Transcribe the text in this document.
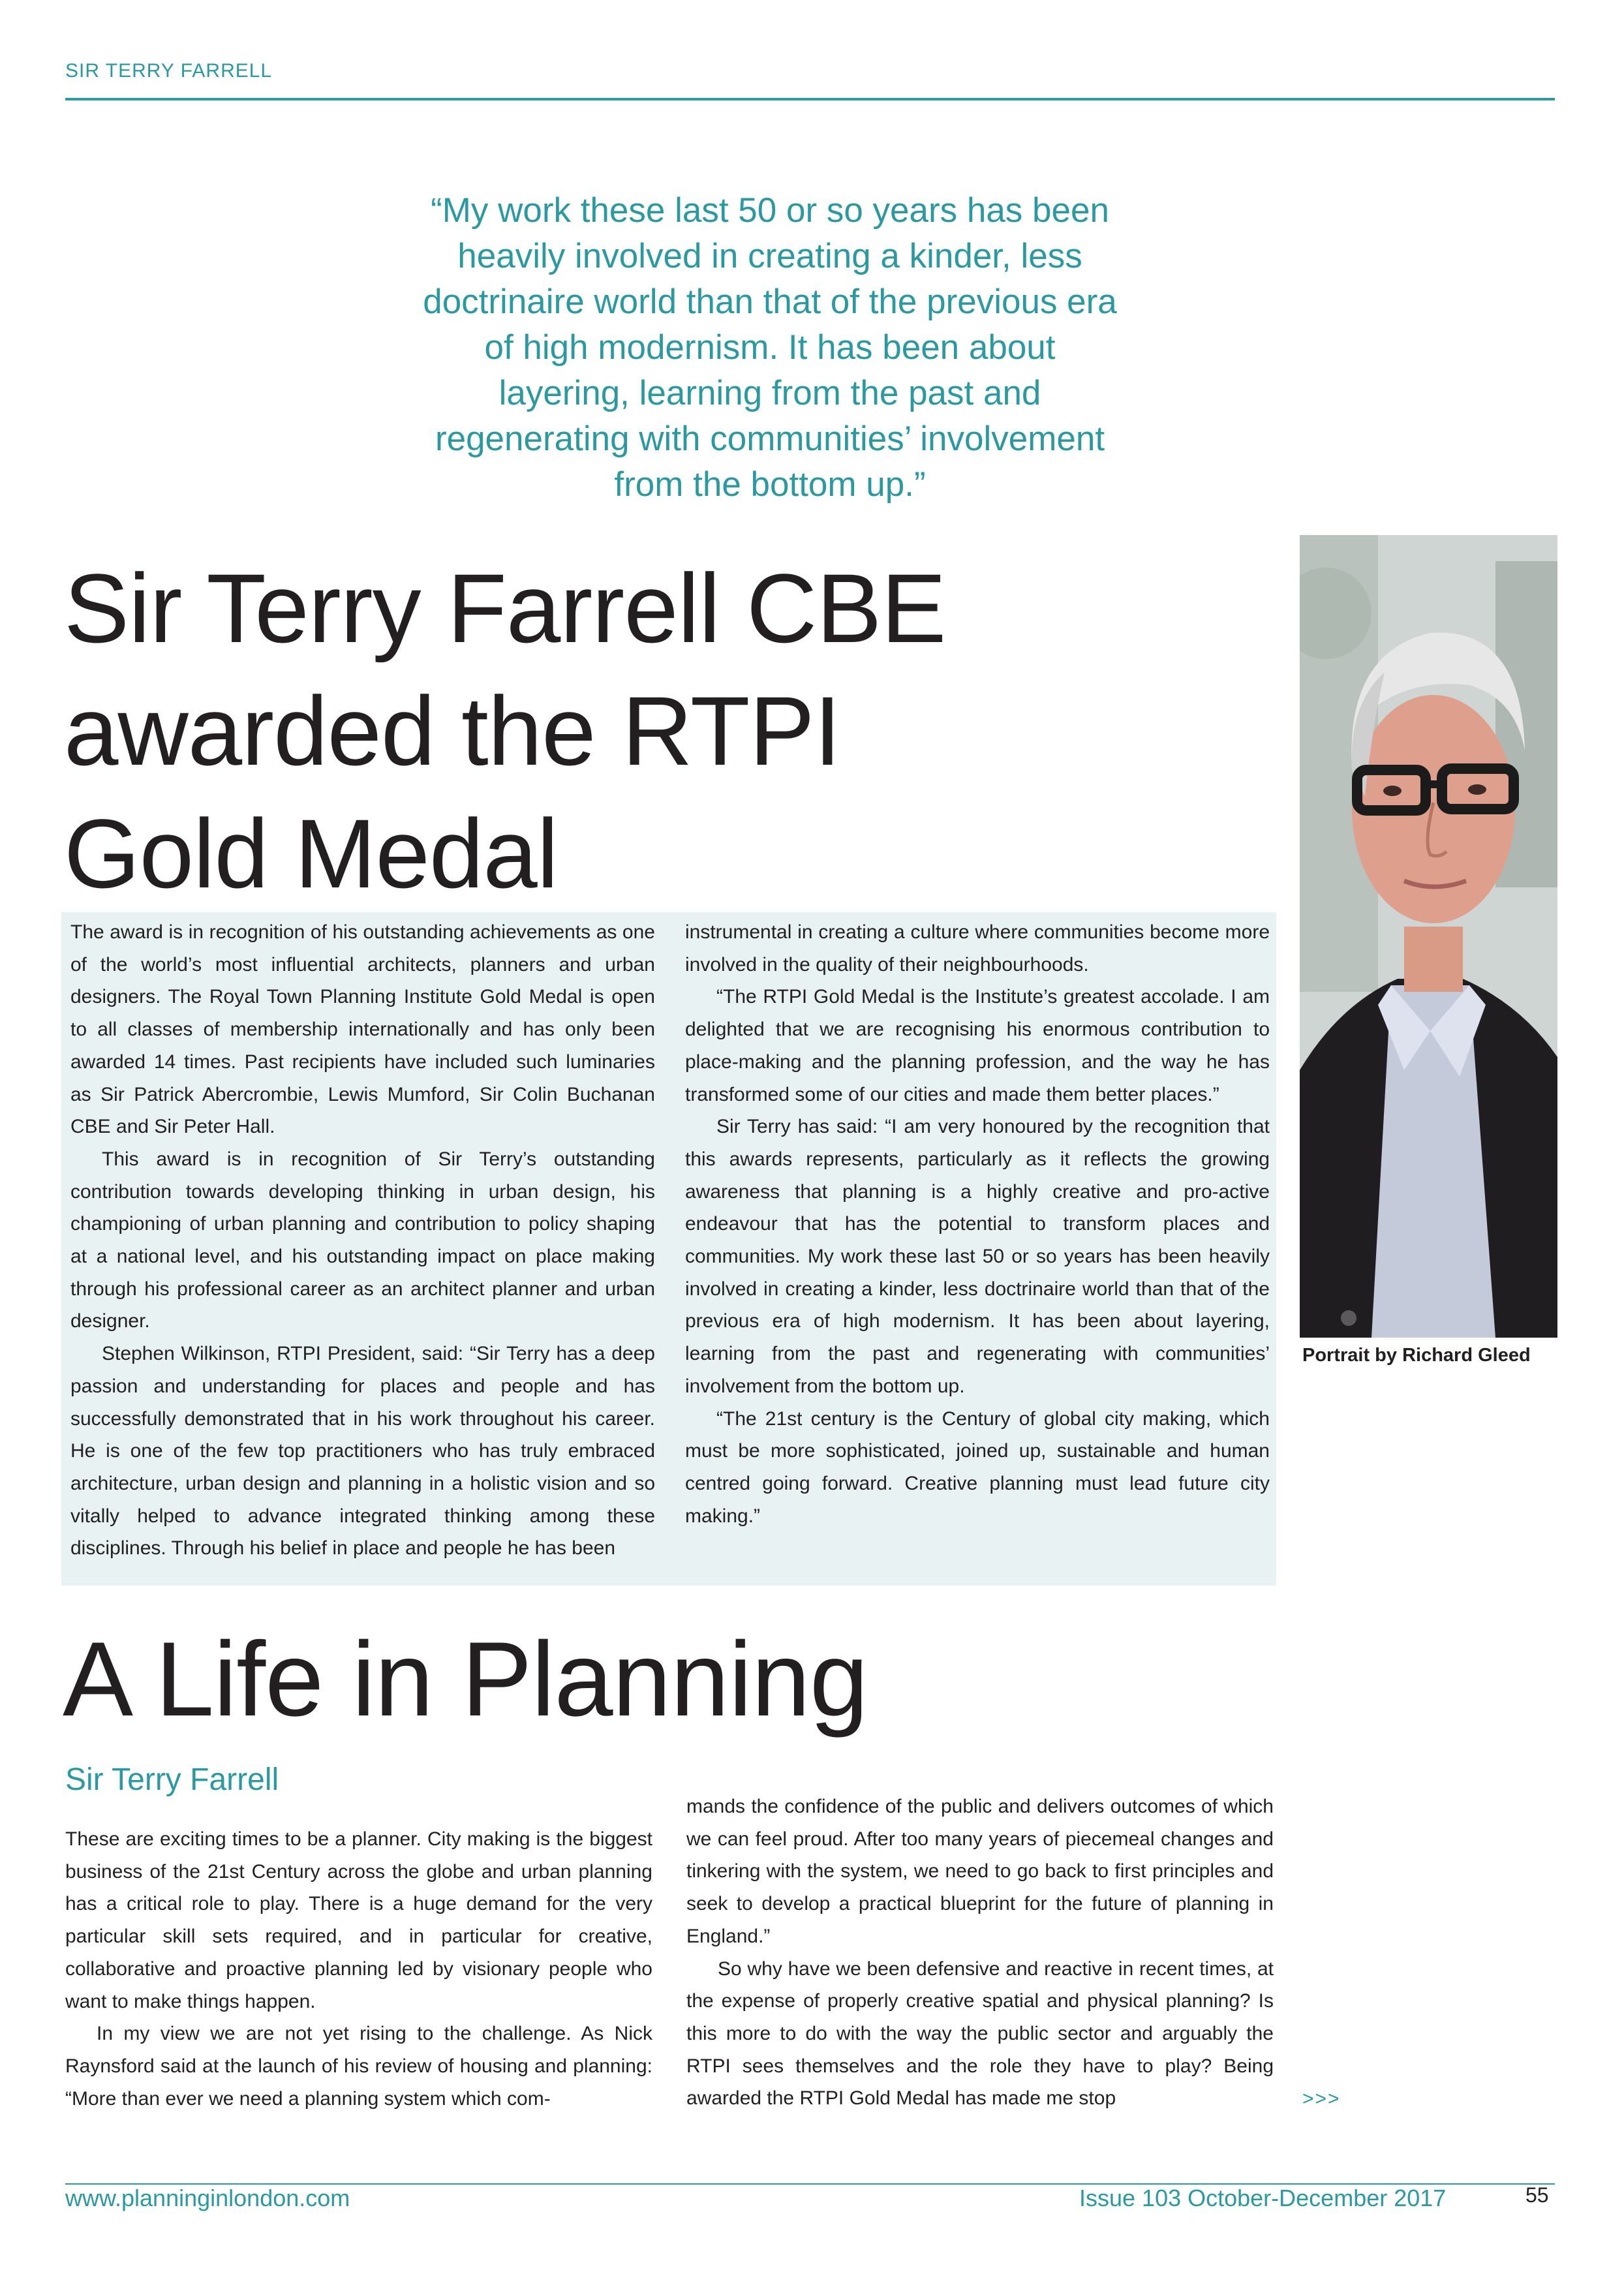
SIR TERRY FARRELL
“My work these last 50 or so years has been heavily involved in creating a kinder, less doctrinaire world than that of the previous era of high modernism. It has been about layering, learning from the past and regenerating with communities’ involvement from the bottom up.”
Sir Terry Farrell CBE
awarded the RTPI
Gold Medal
Portrait by Richard Gleed

The award is in recognition of his outstanding achievements as one of the world’s most influential architects, planners and urban designers. The Royal Town Planning Institute Gold Medal is open to all classes of membership internationally and has only been awarded 14 times. Past recipients have included such luminaries as Sir Patrick Abercrombie, Lewis Mumford, Sir Colin Buchanan CBE and Sir Peter Hall.

This award is in recognition of Sir Terry’s outstanding contribution towards developing thinking in urban design, his championing of urban planning and contribution to policy shaping at a national level, and his outstanding impact on place making through his professional career as an architect planner and urban designer.

Stephen Wilkinson, RTPI President, said: “Sir Terry has a deep passion and understanding for places and people and has successfully demonstrated that in his work throughout his career. He is one of the few top practitioners who has truly embraced architecture, urban design and planning in a holistic vision and so vitally helped to advance integrated thinking among these disciplines. Through his belief in place and people he has been

instrumental in creating a culture where communities become more involved in the quality of their neighbourhoods.

“The RTPI Gold Medal is the Institute’s greatest accolade. I am delighted that we are recognising his enormous contribution to place-making and the planning profession, and the way he has transformed some of our cities and made them better places.”

Sir Terry has said: “I am very honoured by the recognition that this awards represents, particularly as it reflects the growing awareness that planning is a highly creative and pro-active endeavour that has the potential to transform places and communities. My work these last 50 or so years has been heavily involved in creating a kinder, less doctrinaire world than that of the previous era of high modernism. It has been about layering, learning from the past and regenerating with communities’ involvement from the bottom up.

“The 21st century is the Century of global city making, which must be more sophisticated, joined up, sustainable and human centred going forward. Creative planning must lead future city making.”

A Life in Planning
Sir Terry Farrell

These are exciting times to be a planner. City making is the biggest business of the 21st Century across the globe and urban planning has a critical role to play. There is a huge demand for the very particular skill sets required, and in particular for creative, collaborative and proactive planning led by visionary people who want to make things happen.

In my view we are not yet rising to the challenge. As Nick Raynsford said at the launch of his review of housing and planning: “More than ever we need a planning system which com-

mands the confidence of the public and delivers outcomes of which we can feel proud. After too many years of piecemeal changes and tinkering with the system, we need to go back to first principles and seek to develop a practical blueprint for the future of planning in England.”

So why have we been defensive and reactive in recent times, at the expense of properly creative spatial and physical planning? Is this more to do with the way the public sector and arguably the RTPI sees themselves and the role they have to play? Being awarded the RTPI Gold Medal has made me stop	>>>
www.planninginlondon.com	Issue 103 October-December 2017	55
